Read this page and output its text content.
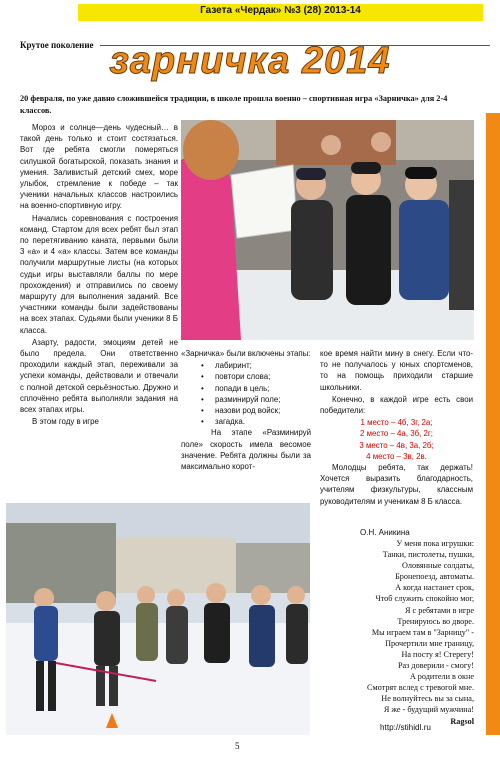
Газета «Чердак» №3 (28) 2013-14
Крутое поколение зарничка 2014
20 февраля, по уже давно сложившейся традиции, в школе прошла военно – спортивная игра «Зарничка» для 2-4 классов.

Мороз и солнце—день чудесный… в такой день только и стоит состязаться. Вот где ребята смогли померяться силушкой богатырской, показать знания и умения. Заливистый детский смех, море улыбок, стремление к победе – так ученики начальных классов настроились на военно-спортивную игру.

Начались соревнования с построения команд. Стартом для всех ребят был этап по перетягиванию каната, первыми были 3 «а» и 4 «а» классы. Затем все команды получили маршрутные листы (на которых судьи игры выставляли баллы по мере прохождения) и отправились по своему маршруту для выполнения заданий. Все участники команды были задействованы на всех этапах. Судьями были ученики 8 Б класса.

Азарту, радости, эмоциям детей не было предела. Они ответственно проходили каждый этап, переживали за успехи команды, действовали и отвечали с полной детской серьёзностью. Дружно и сплочённо ребята выполняли задания на всех этапах игры.

В этом году в игре

«Зарничка» были включены этапы:

• лабиринт;
• повтори слова;
• попади в цель;
• разминируй поле;
• назови род войск;
• загадка.

На этапе «Разминируй поле» скорость имела весомое значение. Ребята должны были за максимально корот-

кое время найти мину в снегу. Если что-то не получалось у юных спортсменов, то на помощь приходили старшие школьники.

Конечно, в каждой игре есть свои победители:

1 место – 4б, 3г, 2а;
2 место – 4а, 3б, 2г;
3 место – 4в, 3а, 2б;
4 место – 3в, 2в.

Молодцы ребята, так держать! Хочется выразить благодарность, учителям физкультуры, классным руководителям и ученикам 8 Б класса.

О.Н. Аникина
У меня пока игрушки:
Танки, пистолеты, пушки,
Оловянные солдаты,
Бронепоезд, автоматы.
А когда настанет срок,
Чтоб служить спокойно мог,
Я с ребятами в игре
Тренируюсь во дворе.
Мы играем там в "Зарницу" -
Прочертили мне границу,
На посту я! Стерегу!
Раз доверили - смогу!
А родители в окне
Смотрят вслед с тревогой мне.
Не волнуйтесь вы за сына,
Я же - будущий мужчина!
Ragsol
http://stihidl.ru
5
